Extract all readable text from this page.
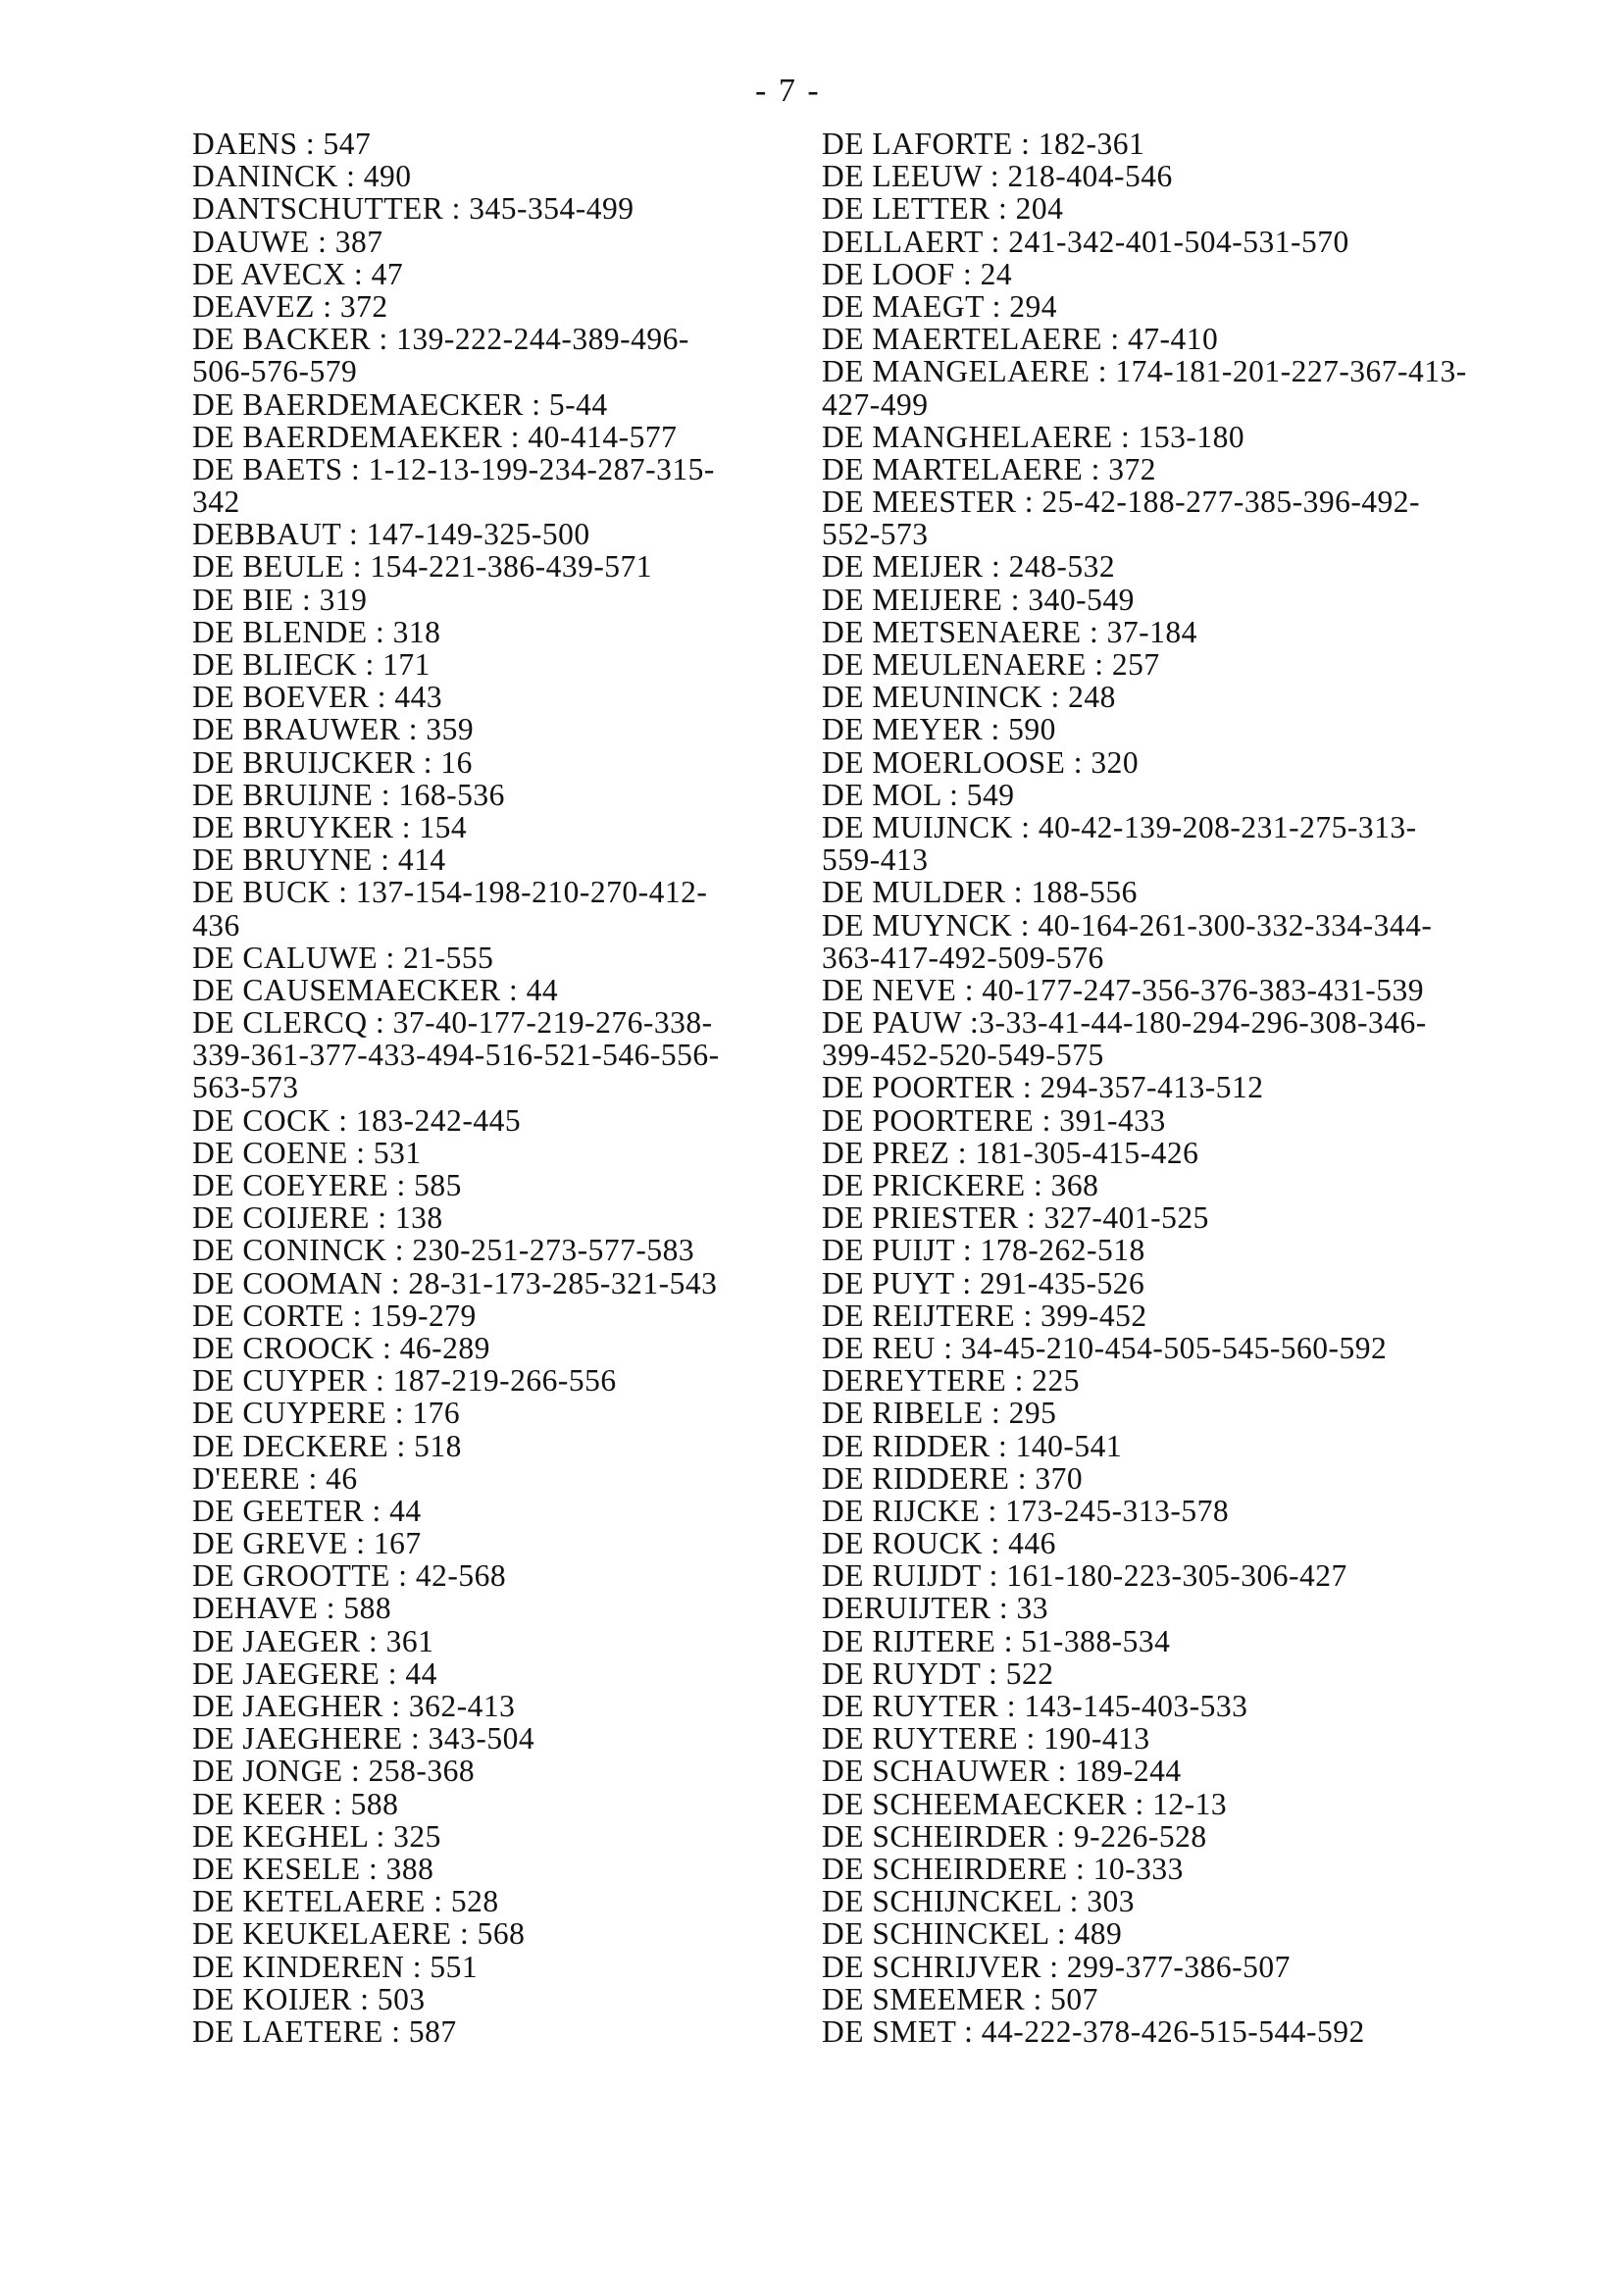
- 7 -
DAENS : 547
DANINCK : 490
DANTSCHUTTER : 345-354-499
DAUWE : 387
DE AVECX : 47
DEAVEZ : 372
DE BACKER : 139-222-244-389-496-
506-576-579
DE BAERDEMAECKER : 5-44
DE BAERDEMAEKER : 40-414-577
DE BAETS : 1-12-13-199-234-287-315-
342
DEBBAUT : 147-149-325-500
DE BEULE : 154-221-386-439-571
DE BIE : 319
DE BLENDE : 318
DE BLIECK : 171
DE BOEVER : 443
DE BRAUWER : 359
DE BRUIJCKER : 16
DE BRUIJNE : 168-536
DE BRUYKER : 154
DE BRUYNE : 414
DE BUCK : 137-154-198-210-270-412-
436
DE CALUWE : 21-555
DE CAUSEMAECKER : 44
DE CLERCQ : 37-40-177-219-276-338-
339-361-377-433-494-516-521-546-556-
563-573
DE COCK : 183-242-445
DE COENE : 531
DE COEYERE : 585
DE COIJERE : 138
DE CONINCK : 230-251-273-577-583
DE COOMAN : 28-31-173-285-321-543
DE CORTE : 159-279
DE CROOCK : 46-289
DE CUYPER : 187-219-266-556
DE CUYPERE : 176
DE DECKERE : 518
D'EERE : 46
DE GEETER : 44
DE GREVE : 167
DE GROOTTE : 42-568
DEHAVE : 588
DE JAEGER : 361
DE JAEGERE : 44
DE JAEGHER : 362-413
DE JAEGHERE : 343-504
DE JONGE : 258-368
DE KEER : 588
DE KEGHEL : 325
DE KESELE : 388
DE KETELAERE : 528
DE KEUKELAERE : 568
DE KINDEREN : 551
DE KOIJER : 503
DE LAETERE : 587
DE LAFORTE : 182-361
DE LEEUW : 218-404-546
DE LETTER : 204
DELLAERT : 241-342-401-504-531-570
DE LOOF : 24
DE MAEGT : 294
DE MAERTELAERE : 47-410
DE MANGELAERE : 174-181-201-227-367-413-
427-499
DE MANGHELAERE : 153-180
DE MARTELAERE : 372
DE MEESTER : 25-42-188-277-385-396-492-
552-573
DE MEIJER : 248-532
DE MEIJERE : 340-549
DE METSENAERE : 37-184
DE MEULENAERE : 257
DE MEUNINCK : 248
DE MEYER : 590
DE MOERLOOSE : 320
DE MOL : 549
DE MUIJNCK : 40-42-139-208-231-275-313-
559-413
DE MULDER : 188-556
DE MUYNCK : 40-164-261-300-332-334-344-
363-417-492-509-576
DE NEVE : 40-177-247-356-376-383-431-539
DE PAUW :3-33-41-44-180-294-296-308-346-
399-452-520-549-575
DE POORTER : 294-357-413-512
DE POORTERE : 391-433
DE PREZ : 181-305-415-426
DE PRICKERE : 368
DE PRIESTER : 327-401-525
DE PUIJT : 178-262-518
DE PUYT : 291-435-526
DE REIJTERE : 399-452
DE REU : 34-45-210-454-505-545-560-592
DEREYTERE : 225
DE RIBELE : 295
DE RIDDER : 140-541
DE RIDDERE : 370
DE RIJCKE : 173-245-313-578
DE ROUCK : 446
DE RUIJDT : 161-180-223-305-306-427
DERUIJTER : 33
DE RIJTERE : 51-388-534
DE RUYDT : 522
DE RUYTER : 143-145-403-533
DE RUYTERE : 190-413
DE SCHAUWER : 189-244
DE SCHEEMAECKER : 12-13
DE SCHEIRDER : 9-226-528
DE SCHEIRDERE : 10-333
DE SCHIJNCKEL : 303
DE SCHINCKEL : 489
DE SCHRIJVER : 299-377-386-507
DE SMEEMER : 507
DE SMET : 44-222-378-426-515-544-592
